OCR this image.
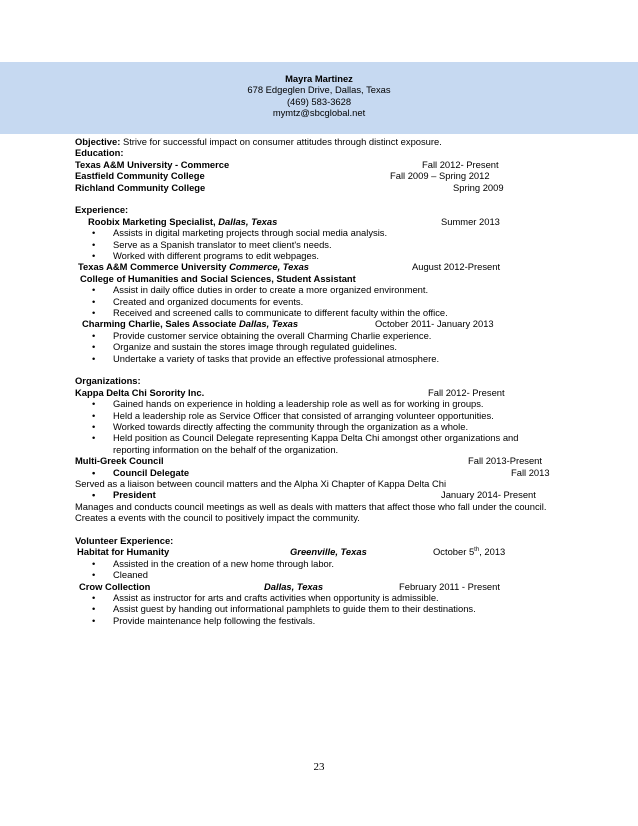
Mayra Martinez
678 Edgeglen Drive, Dallas, Texas
(469) 583-3628
mymtz@sbcglobal.net
Objective: Strive for successful impact on consumer attitudes through distinct exposure.
Education:
Texas A&M University - Commerce	Fall 2012- Present
Eastfield Community College	Fall 2009 – Spring 2012
Richland Community College	Spring 2009
Experience:
Roobix Marketing Specialist, Dallas, Texas	Summer 2013
• Assists in digital marketing projects through social media analysis.
• Serve as a Spanish translator to meet client's needs.
• Worked with different programs to edit webpages.
Texas A&M Commerce University Commerce, Texas	August 2012-Present
College of Humanities and Social Sciences, Student Assistant
• Assist in daily office duties in order to create a more organized environment.
• Created and organized documents for events.
• Received and screened calls to communicate to different faculty within the office.
Charming Charlie, Sales Associate Dallas, Texas	October 2011- January 2013
• Provide customer service obtaining the overall Charming Charlie experience.
• Organize and sustain the stores image through regulated guidelines.
• Undertake a variety of tasks that provide an effective professional atmosphere.
Organizations:
Kappa Delta Chi Sorority Inc.	Fall 2012- Present
• Gained hands on experience in holding a leadership role as well as for working in groups.
• Held a leadership role as Service Officer that consisted of arranging volunteer opportunities.
• Worked towards directly affecting the community through the organization as a whole.
• Held position as Council Delegate representing Kappa Delta Chi amongst other organizations and reporting information on the behalf of the organization.
Multi-Greek Council	Fall 2013-Present
• Council Delegate	Fall 2013
Served as a liaison between council matters and the Alpha Xi Chapter of Kappa Delta Chi
• President	January 2014- Present
Manages and conducts council meetings as well as deals with matters that affect those who fall under the council. Creates a events with the council to positively impact the community.
Volunteer Experience:
Habitat for Humanity	Greenville, Texas	October 5th, 2013
• Assisted in the creation of a new home through labor.
• Cleaned
Crow Collection	Dallas, Texas	February 2011 - Present
• Assist as instructor for arts and crafts activities when opportunity is admissible.
• Assist guest by handing out informational pamphlets to guide them to their destinations.
• Provide maintenance help following the festivals.
23
